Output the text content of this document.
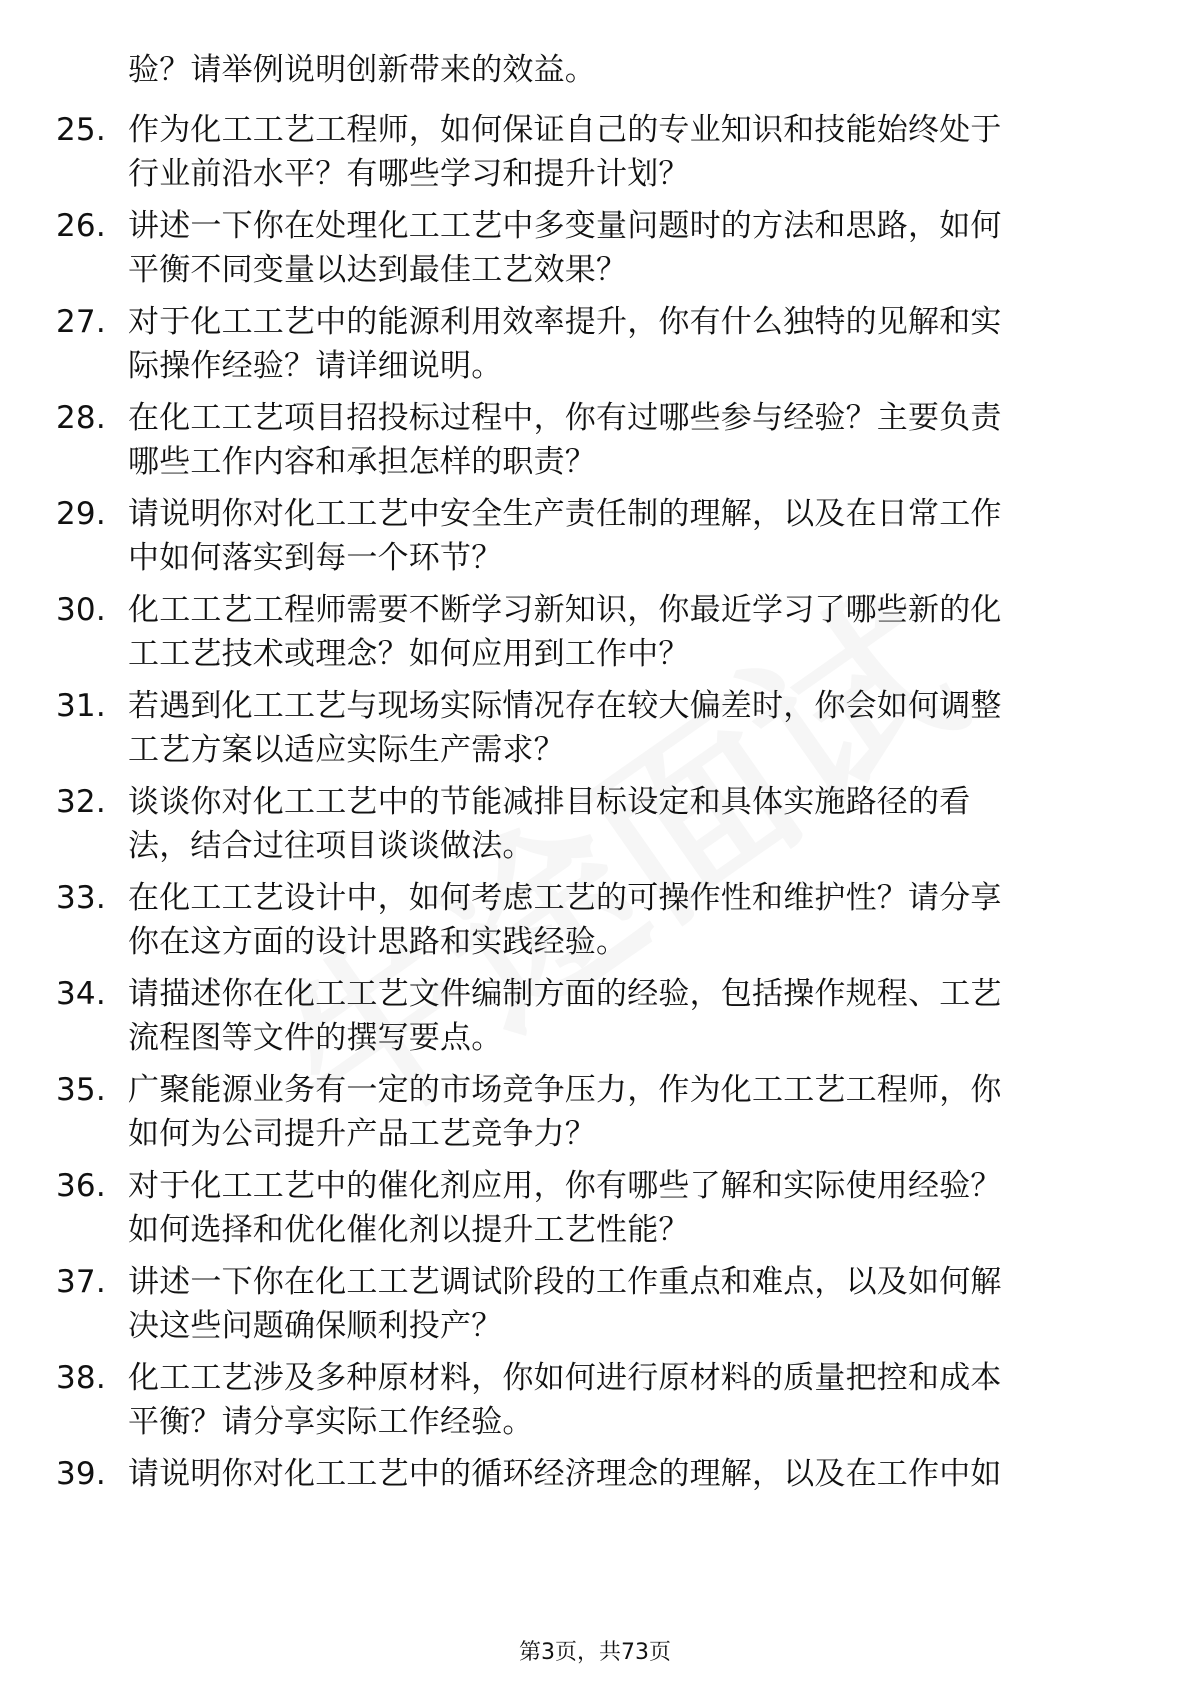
验？请举例说明创新带来的效益。
25. 作为化工工艺工程师，如何保证自己的专业知识和技能始终处于
行业前沿水平？有哪些学习和提升计划？
26. 讲述一下你在处理化工工艺中多变量问题时的方法和思路，如何
平衡不同变量以达到最佳工艺效果？
27. 对于化工工艺中的能源利用效率提升，你有什么独特的见解和实
际操作经验？请详细说明。
28. 在化工工艺项目招投标过程中，你有过哪些参与经验？主要负责
哪些工作内容和承担怎样的职责？
29. 请说明你对化工工艺中安全生产责任制的理解，以及在日常工作
中如何落实到每一个环节？
30. 化工工艺工程师需要不断学习新知识，你最近学习了哪些新的化
工工艺技术或理念？如何应用到工作中？
31. 若遇到化工工艺与现场实际情况存在较大偏差时，你会如何调整
工艺方案以适应实际生产需求？
32. 谈谈你对化工工艺中的节能减排目标设定和具体实施路径的看
法，结合过往项目谈谈做法。
33. 在化工工艺设计中，如何考虑工艺的可操作性和维护性？请分享
你在这方面的设计思路和实践经验。
34. 请描述你在化工工艺文件编制方面的经验，包括操作规程、工艺
流程图等文件的撰写要点。
35. 广聚能源业务有一定的市场竞争压力，作为化工工艺工程师，你
如何为公司提升产品工艺竞争力？
36. 对于化工工艺中的催化剂应用，你有哪些了解和实际使用经验？
如何选择和优化催化剂以提升工艺性能？
37. 讲述一下你在化工工艺调试阶段的工作重点和难点，以及如何解
决这些问题确保顺利投产？
38. 化工工艺涉及多种原材料，你如何进行原材料的质量把控和成本
平衡？请分享实际工作经验。
39. 请说明你对化工工艺中的循环经济理念的理解，以及在工作中如
第3页，共73页
